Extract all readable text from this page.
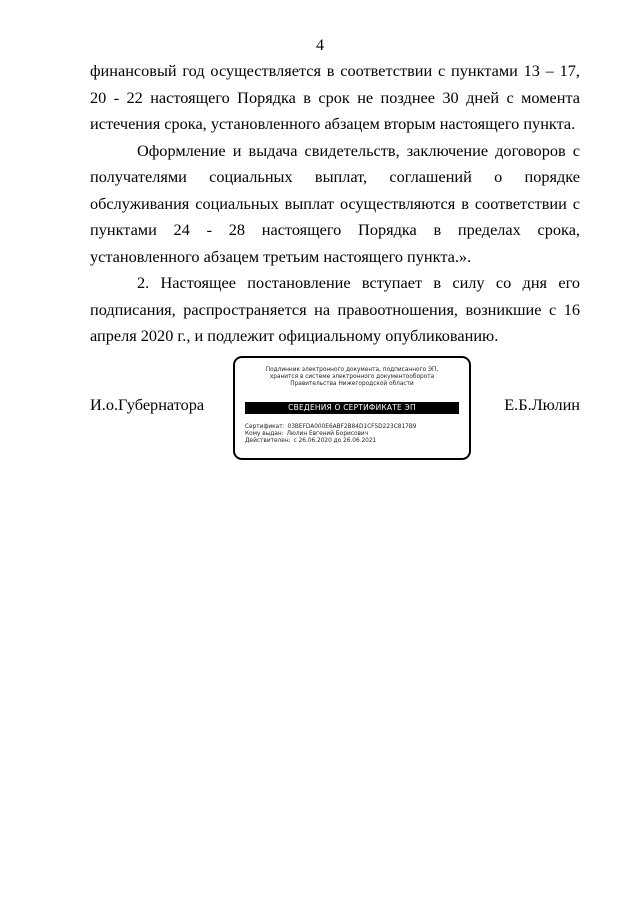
4

финансовый год осуществляется в соответствии с пунктами 13 – 17, 20 - 22 настоящего Порядка в срок не позднее 30 дней с момента истечения срока, установленного абзацем вторым настоящего пункта.

Оформление и выдача свидетельств, заключение договоров с получателями социальных выплат, соглашений о порядке обслуживания социальных выплат осуществляются в соответствии с пунктами 24 - 28 настоящего Порядка в пределах срока, установленного абзацем третьим настоящего пункта.».

2. Настоящее постановление вступает в силу со дня его подписания, распространяется на правоотношения, возникшие с 16 апреля 2020 г., и подлежит официальному опубликованию.

И.о.Губернатора	Е.Б.Люлин
Подлинник электронного документа, подписанного ЭП,
хранится в системе электронного документооборота
Правительства Нижегородской области
СВЕДЕНИЯ О СЕРТИФИКАТЕ ЭП
Сертификат: 03BEFDA000E6ABF2B84D1CF5D223C817B9
Кому выдан: Люлин Евгений Борисович
Действителен: с 26.06.2020 до 26.06.2021
